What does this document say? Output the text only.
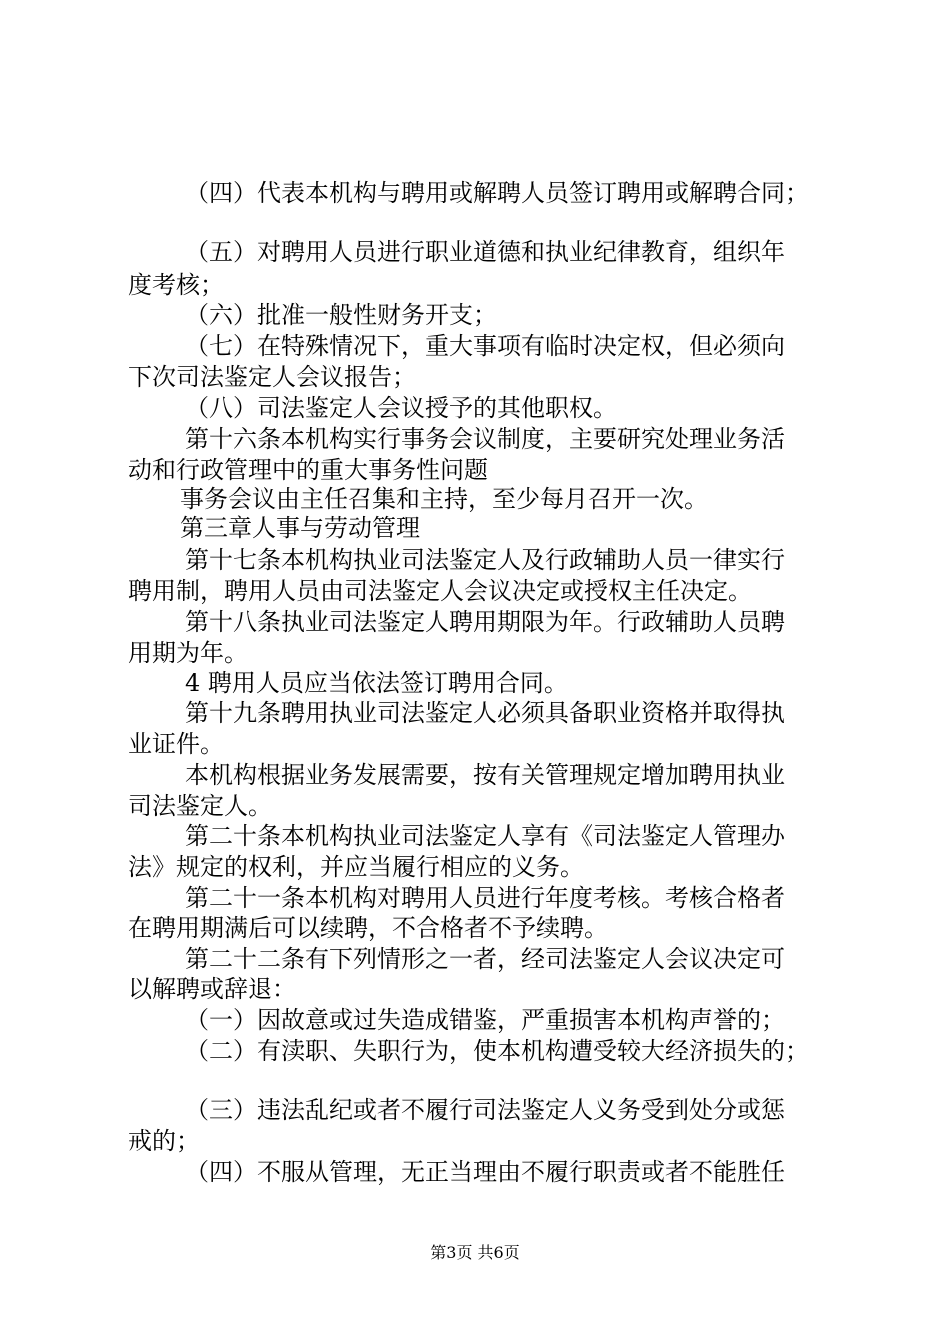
（四）代表本机构与聘用或解聘人员签订聘用或解聘合同；
（五）对聘用人员进行职业道德和执业纪律教育，组织年
度考核；
（六）批准一般性财务开支；
（七）在特殊情况下，重大事项有临时决定权，但必须向
下次司法鉴定人会议报告；
（八）司法鉴定人会议授予的其他职权。
第十六条本机构实行事务会议制度，主要研究处理业务活
动和行政管理中的重大事务性问题
事务会议由主任召集和主持，至少每月召开一次。
第三章人事与劳动管理
第十七条本机构执业司法鉴定人及行政辅助人员一律实行
聘用制，聘用人员由司法鉴定人会议决定或授权主任决定。
第十八条执业司法鉴定人聘用期限为年。行政辅助人员聘
用期为年。
4 聘用人员应当依法签订聘用合同。
第十九条聘用执业司法鉴定人必须具备职业资格并取得执
业证件。
本机构根据业务发展需要，按有关管理规定增加聘用执业
司法鉴定人。
第二十条本机构执业司法鉴定人享有《司法鉴定人管理办
法》规定的权利，并应当履行相应的义务。
第二十一条本机构对聘用人员进行年度考核。考核合格者
在聘用期满后可以续聘，不合格者不予续聘。
第二十二条有下列情形之一者，经司法鉴定人会议决定可
以解聘或辞退：
（一）因故意或过失造成错鉴，严重损害本机构声誉的；
（二）有渎职、失职行为，使本机构遭受较大经济损失的；
（三）违法乱纪或者不履行司法鉴定人义务受到处分或惩
戒的；
（四）不服从管理，无正当理由不履行职责或者不能胜任
第3页 共6页
